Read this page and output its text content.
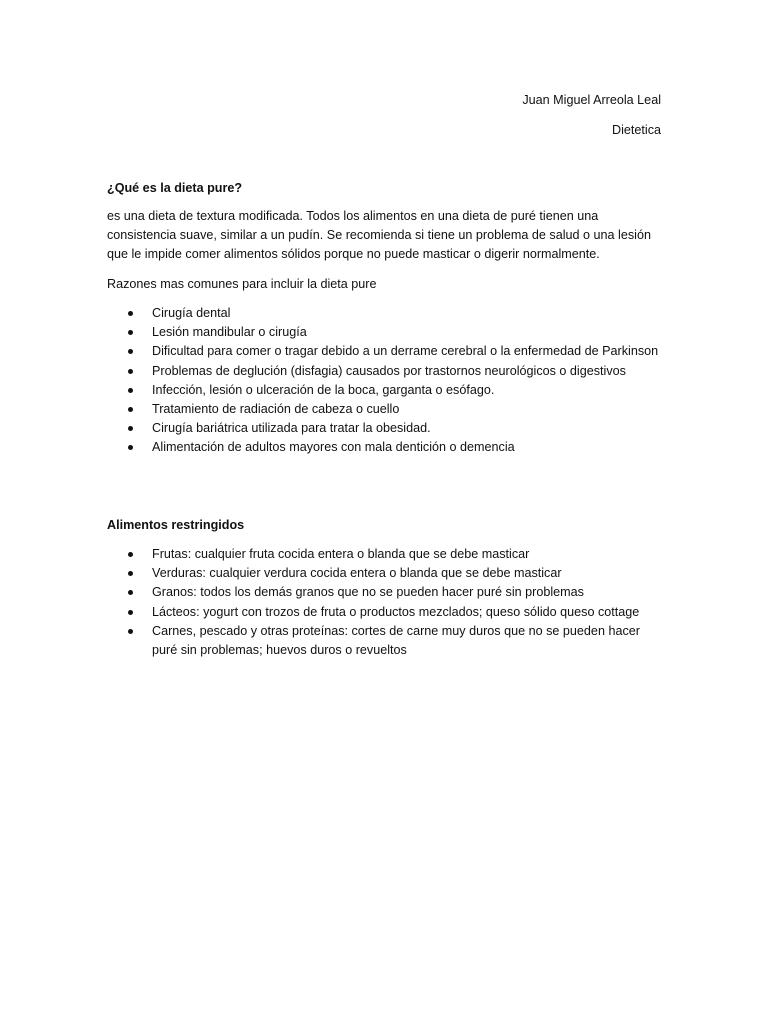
Juan Miguel Arreola Leal
Dietetica

¿Qué es la dieta pure?

es una dieta de textura modificada. Todos los alimentos en una dieta de puré tienen una consistencia suave, similar a un pudín. Se recomienda si tiene un problema de salud o una lesión que le impide comer alimentos sólidos porque no puede masticar o digerir normalmente.

Razones mas comunes para incluir la dieta pure

Cirugía dental
Lesión mandibular o cirugía
Dificultad para comer o tragar debido a un derrame cerebral o la enfermedad de Parkinson
Problemas de deglución (disfagia) causados por trastornos neurológicos o digestivos
Infección, lesión o ulceración de la boca, garganta o esófago.
Tratamiento de radiación de cabeza o cuello
Cirugía bariátrica utilizada para tratar la obesidad.
Alimentación de adultos mayores con mala dentición o demencia

Alimentos restringidos

Frutas: cualquier fruta cocida entera o blanda que se debe masticar
Verduras: cualquier verdura cocida entera o blanda que se debe masticar
Granos: todos los demás granos que no se pueden hacer puré sin problemas
Lácteos: yogurt con trozos de fruta o productos mezclados; queso sólido queso cottage
Carnes, pescado y otras proteínas: cortes de carne muy duros que no se pueden hacer puré sin problemas; huevos duros o revueltos
